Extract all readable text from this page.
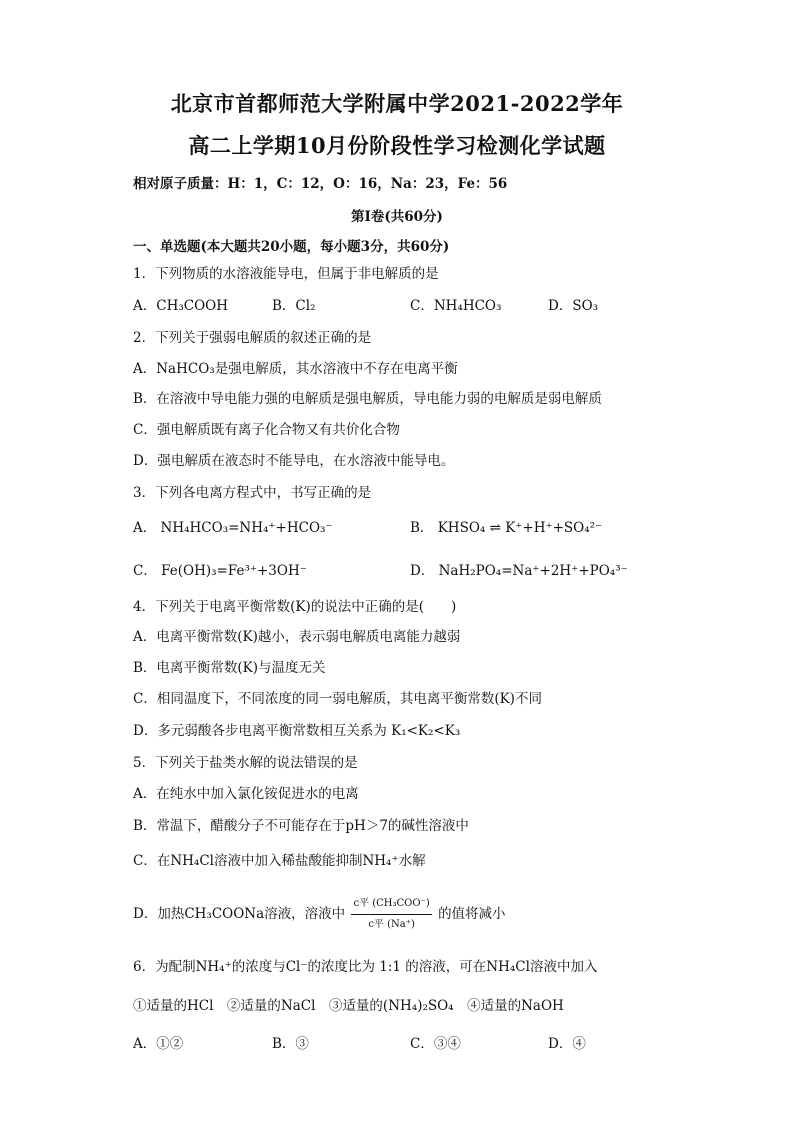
北京市首都师范大学附属中学2021-2022学年
高二上学期10月份阶段性学习检测化学试题
相对原子质量：H：1，C：12，O：16，Na：23，Fe：56
第Ⅰ卷(共60分)
一、单选题(本大题共20小题，每小题3分，共60分)
1．下列物质的水溶液能导电，但属于非电解质的是
A．CH₃COOH	B．Cl₂	C．NH₄HCO₃	D．SO₃
2．下列关于强弱电解质的叙述正确的是
A．NaHCO₃是强电解质，其水溶液中不存在电离平衡
B．在溶液中导电能力强的电解质是强电解质，导电能力弱的电解质是弱电解质
C．强电解质既有离子化合物又有共价化合物
D．强电解质在液态时不能导电，在水溶液中能导电。
3．下列各电离方程式中，书写正确的是
A． NH₄HCO₃=NH₄⁺+HCO₃⁻	B． KHSO₄ ⇌ K⁺+H⁺+SO₄²⁻
C． Fe(OH)₃=Fe³⁺+3OH⁻	D． NaH₂PO₄=Na⁺+2H⁺+PO₄³⁻
4．下列关于电离平衡常数(K)的说法中正确的是(　　)
A．电离平衡常数(K)越小，表示弱电解质电离能力越弱
B．电离平衡常数(K)与温度无关
C．相同温度下，不同浓度的同一弱电解质，其电离平衡常数(K)不同
D．多元弱酸各步电离平衡常数相互关系为 K₁<K₂<K₃
5．下列关于盐类水解的说法错误的是
A．在纯水中加入氯化铵促进水的电离
B．常温下，醋酸分子不可能存在于pH＞7的碱性溶液中
C．在NH₄Cl溶液中加入稀盐酸能抑制NH₄⁺水解
D．加热CH₃COONa溶液，溶液中 $\frac{\text{c平 (CH₃COO⁻)}}{\text{c平 (Na⁺)}}$ 的值将减小
6．为配制NH₄⁺的浓度与Cl⁻的浓度比为 1:1 的溶液，可在NH₄Cl溶液中加入
①适量的HCl　②适量的NaCl　③适量的(NH₄)₂SO₄　④适量的NaOH
A．①②	B．③	C．③④	D．④
